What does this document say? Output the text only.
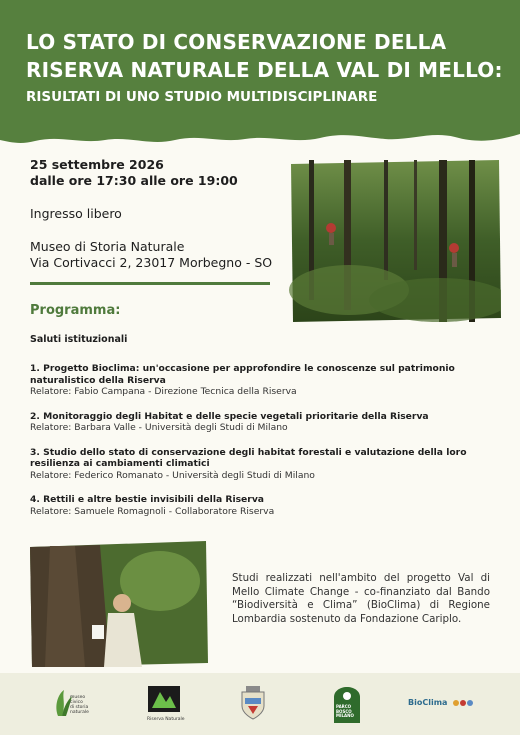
LO STATO DI CONSERVAZIONE DELLA
RISERVA NATURALE DELLA VAL DI MELLO:
RISULTATI DI UNO STUDIO MULTIDISCIPLINARE
25 settembre 2026
dalle ore 17:30 alle ore 19:00
Ingresso libero
Museo di Storia Naturale
Via Cortivacci 2, 23017 Morbegno - SO
Programma:
Saluti istituzionali
1. Progetto Bioclima: un'occasione per approfondire le conoscenze sul patrimonio naturalistico della Riserva
Relatore: Fabio Campana - Direzione Tecnica della Riserva
2. Monitoraggio degli Habitat e delle specie vegetali prioritarie della Riserva
Relatore: Barbara Valle - Università degli Studi di Milano
3. Studio dello stato di conservazione degli habitat forestali e valutazione della loro resilienza ai cambiamenti climatici
Relatore: Federico Romanato - Università degli Studi di Milano
4. Rettili e altre bestie invisibili della Riserva
Relatore: Samuele Romagnoli - Collaboratore Riserva
Studi realizzati nell'ambito del progetto Val di Mello Climate Change - co-finanziato dal Bando “Biodiversità e Clima” (BioClima) di Regione Lombardia sostenuto da Fondazione Cariplo.
museo
civico
di storia
naturale
Riserva Naturale
PARCO
BOSCO
MILANO
BioClima
